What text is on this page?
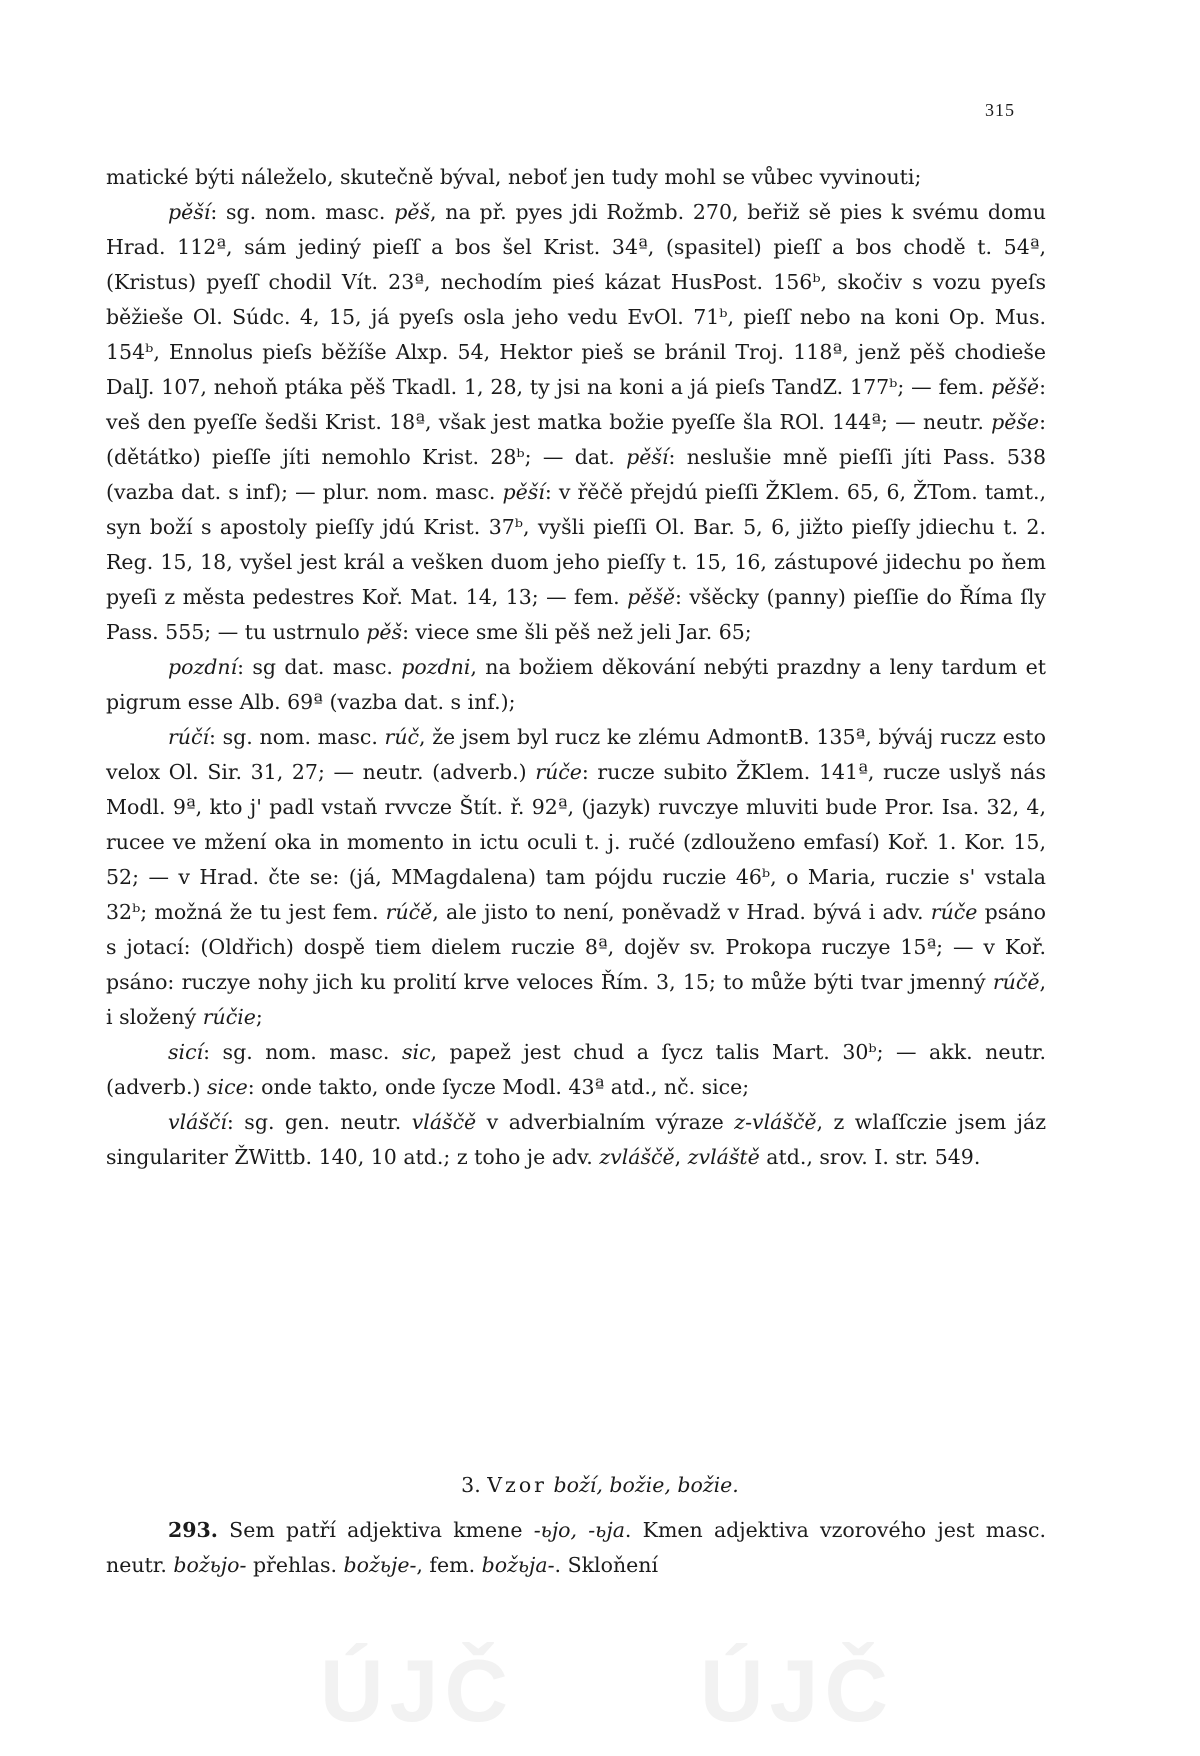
315

matické býti náleželo, skutečně býval, neboť jen tudy mohl se vůbec vyvinouti;

pěší: sg. nom. masc. pěš, na př. pyes jdi Rožmb. 270, beřiž sě pies k svému domu Hrad. 112ª, sám jediný pieſſ a bos šel Krist. 34ª, (spasitel) pieſſ a bos chodě t. 54ª, (Kristus) pyeſſ chodil Vít. 23ª, nechodím pieś kázat HusPost. 156ᵇ, skočiv s vozu pyeſs běžieše Ol. Súdc. 4, 15, já pyeſs osla jeho vedu EvOl. 71ᵇ, pieſſ nebo na koni Op. Mus. 154ᵇ, Ennolus pieſs běžíše Alxp. 54, Hektor pieš se bránil Troj. 118ª, jenž pěš chodieše DalJ. 107, nehoň ptáka pěš Tkadl. 1, 28, ty jsi na koni a já pieſs TandZ. 177ᵇ; — fem. pěšě: veš den pyeſſe šedši Krist. 18ª, však jest matka božie pyeſſe šla ROl. 144ª; — neutr. pěše: (dětátko) pieſſe jíti nemohlo Krist. 28ᵇ; — dat. pěší: neslušie mně pieſſi jíti Pass. 538 (vazba dat. s inf); — plur. nom. masc. pěší: v řěčě přejdú pieſſi ŽKlem. 65, 6, ŽTom. tamt., syn boží s apostoly pieſſy jdú Krist. 37ᵇ, vyšli pieſſi Ol. Bar. 5, 6, jižto pieſſy jdiechu t. 2. Reg. 15, 18, vyšel jest král a vešken duom jeho pieſſy t. 15, 16, zástupové jidechu po ňem pyeſi z města pedestres Koř. Mat. 14, 13; — fem. pěšě: všěcky (panny) pieſſie do Říma ſly Pass. 555; — tu ustrnulo pěš: viece sme šli pěš než jeli Jar. 65;

pozdní: sg dat. masc. pozdni, na božiem děkování nebýti prazdny a leny tardum et pigrum esse Alb. 69ª (vazba dat. s inf.);

rúčí: sg. nom. masc. rúč, že jsem byl rucz ke zlému AdmontB. 135ª, býváj ruczz esto velox Ol. Sir. 31, 27; — neutr. (adverb.) rúče: rucze subito ŽKlem. 141ª, rucze uslyš nás Modl. 9ª, kto j' padl vstaň rvvcze Štít. ř. 92ª, (jazyk) ruvczye mluviti bude Pror. Isa. 32, 4, rucee ve mžení oka in momento in ictu oculi t. j. ručé (zdlouženo emfasí) Koř. 1. Kor. 15, 52; — v Hrad. čte se: (já, MMagdalena) tam pójdu ruczie 46ᵇ, o Maria, ruczie s' vstala 32ᵇ; možná že tu jest fem. rúčě, ale jisto to není, poněvadž v Hrad. bývá i adv. rúče psáno s jotací: (Oldřich) dospě tiem dielem ruczie 8ª, dojěv sv. Prokopa ruczye 15ª; — v Koř. psáno: ruczye nohy jich ku prolití krve veloces Řím. 3, 15; to může býti tvar jmenný rúčě, i složený rúčie;

sicí: sg. nom. masc. sic, papež jest chud a ſycz talis Mart. 30ᵇ; — akk. neutr. (adverb.) sice: onde takto, onde ſycze Modl. 43ª atd., nč. sice;

vláščí: sg. gen. neutr. vláščě v adverbialním výraze z-vláščě, z wlaſſczie jsem jáz singulariter ŽWittb. 140, 10 atd.; z toho je adv. zvláščě, zvláště atd., srov. I. str. 549.

3. Vzor boží, božie, božie.

293. Sem patří adjektiva kmene -ьjo, -ьja. Kmen adjektiva vzorového jest masc. neutr. božьjo- přehlas. božьje-, fem. božьja-. Skloňení

ÚJČ ÚJČ
